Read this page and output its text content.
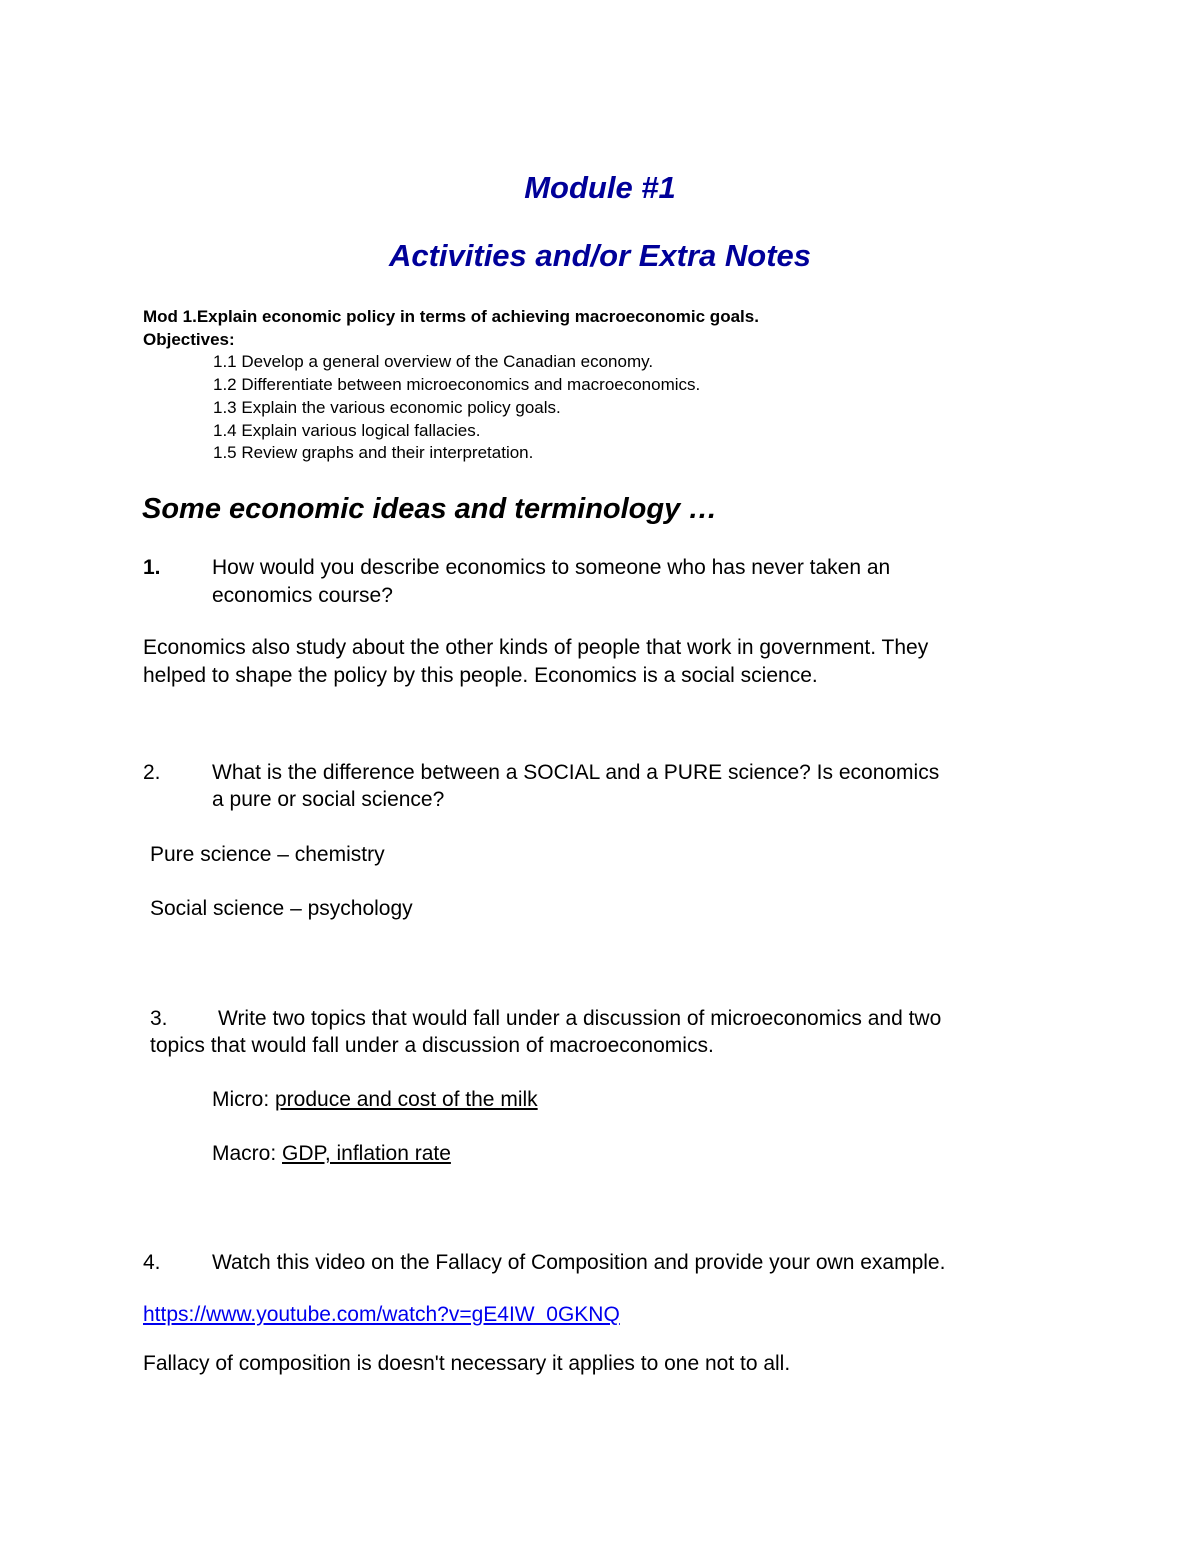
Module #1
Activities and/or Extra Notes
Mod 1.Explain economic policy in terms of achieving macroeconomic goals.
Objectives:
1.1 Develop a general overview of the Canadian economy.
1.2 Differentiate between microeconomics and macroeconomics.
1.3 Explain the various economic policy goals.
1.4 Explain various logical fallacies.
1.5 Review graphs and their interpretation.
Some economic ideas and terminology …
1. How would you describe economics to someone who has never taken an
economics course?
Economics also study about the other kinds of people that work in government. They
helped to shape the policy by this people. Economics is a social science.
2. What is the difference between a SOCIAL and a PURE science? Is economics
a pure or social science?
Pure science – chemistry
Social science – psychology
3. Write two topics that would fall under a discussion of microeconomics and two
topics that would fall under a discussion of macroeconomics.
Micro: produce and cost of the milk
Macro: GDP, inflation rate
4. Watch this video on the Fallacy of Composition and provide your own example.
https://www.youtube.com/watch?v=gE4IW_0GKNQ
Fallacy of composition is doesn't necessary it applies to one not to all.
